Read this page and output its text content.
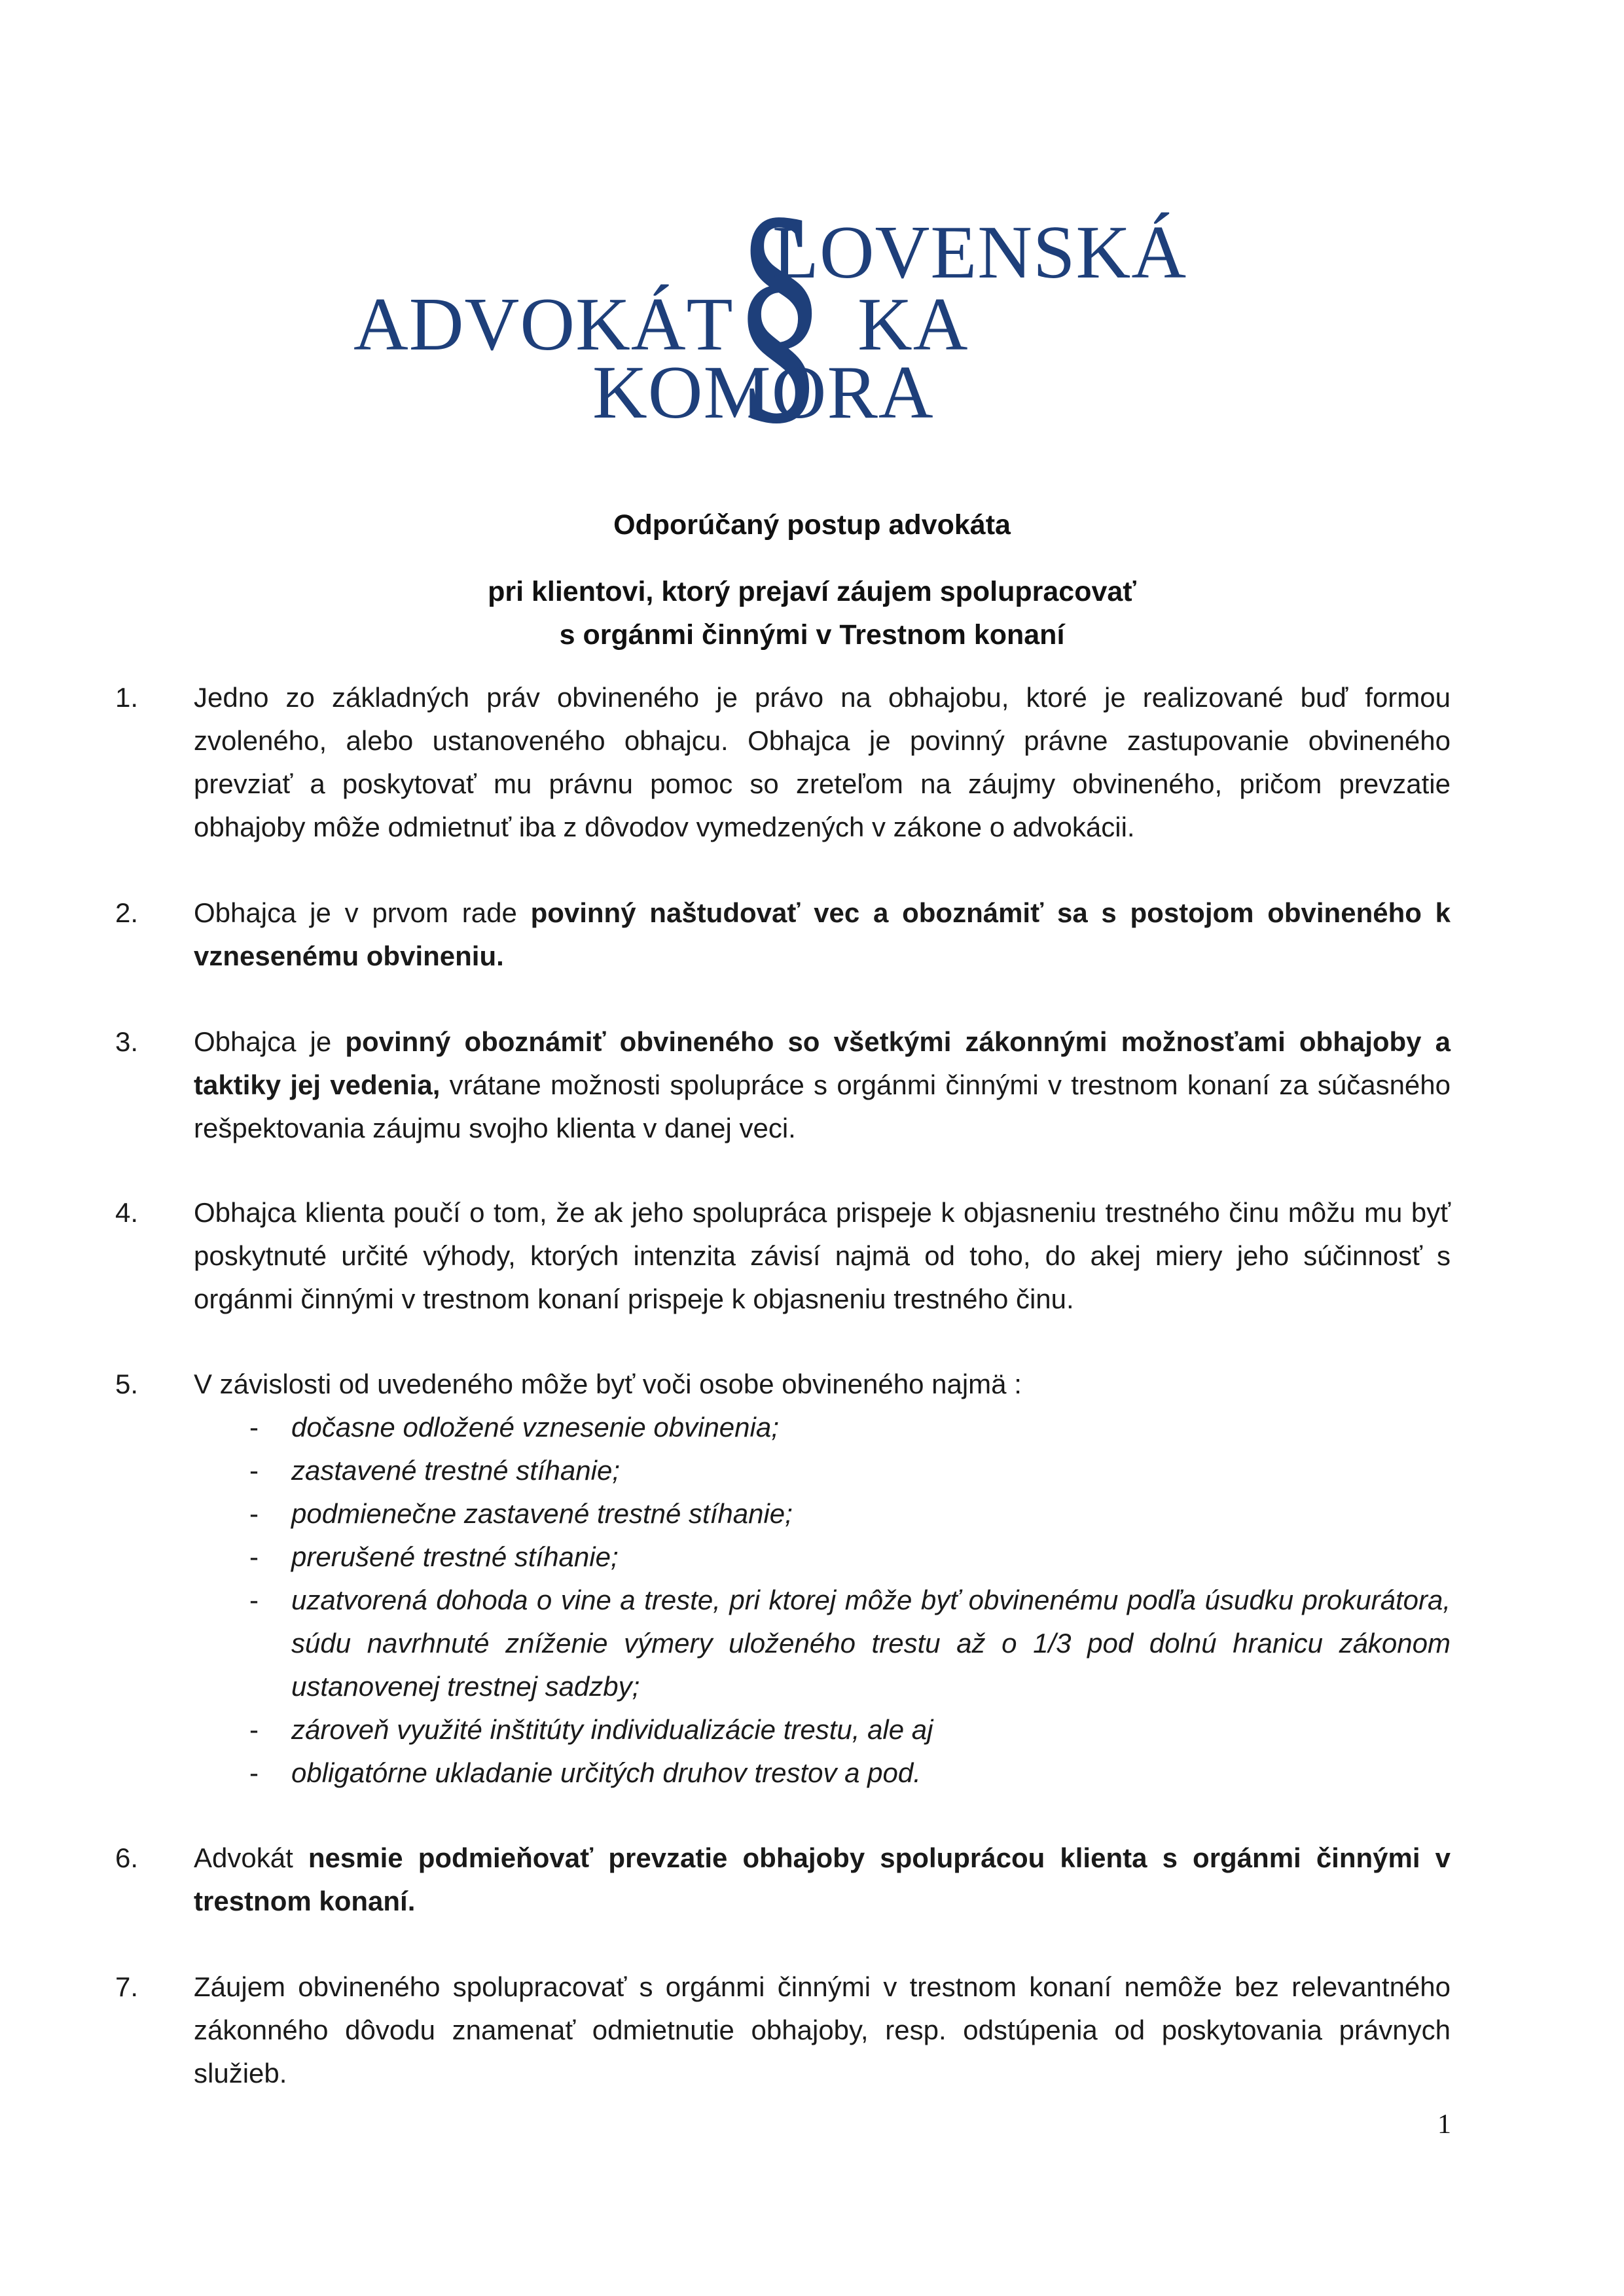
§
LOVENSKÁ
ADVOKÁT KA
KOMORA
Odporúčaný postup advokáta
pri klientovi, ktorý prejaví záujem spolupracovať
s orgánmi činnými v Trestnom konaní
1.	Jedno zo základných práv obvineného je právo na obhajobu, ktoré je realizované buď formou zvoleného, alebo ustanoveného obhajcu. Obhajca je povinný právne zastupovanie obvineného prevziať a poskytovať mu právnu pomoc so zreteľom na záujmy obvineného, pričom prevzatie obhajoby môže odmietnuť iba z dôvodov vymedzených v zákone o advokácii.
2.	Obhajca je v prvom rade povinný naštudovať vec a oboznámiť sa s postojom obvineného k vznesenému obvineniu.
3.	Obhajca je povinný oboznámiť obvineného so všetkými zákonnými možnosťami obhajoby a taktiky jej vedenia, vrátane možnosti spolupráce s orgánmi činnými v trestnom konaní za súčasného rešpektovania záujmu svojho klienta v danej veci.
4.	Obhajca klienta poučí o tom, že ak jeho spolupráca prispeje k objasneniu trestného činu môžu mu byť poskytnuté určité výhody, ktorých intenzita závisí najmä od toho, do akej miery jeho súčinnosť s orgánmi činnými v trestnom konaní prispeje k objasneniu trestného činu.
5.	V závislosti od uvedeného môže byť voči osobe obvineného najmä :
- dočasne odložené vznesenie obvinenia;
- zastavené trestné stíhanie;
- podmienečne zastavené trestné stíhanie;
- prerušené trestné stíhanie;
- uzatvorená dohoda o vine a treste, pri ktorej môže byť obvinenému podľa úsudku prokurátora, súdu navrhnuté zníženie výmery uloženého trestu až o 1/3 pod dolnú hranicu zákonom ustanovenej trestnej sadzby;
- zároveň využité inštitúty individualizácie trestu, ale aj
- obligatórne ukladanie určitých druhov trestov a pod.
6.	Advokát nesmie podmieňovať prevzatie obhajoby spoluprácou klienta s orgánmi činnými v trestnom konaní.
7.	Záujem obvineného spolupracovať s orgánmi činnými v trestnom konaní nemôže bez relevantného zákonného dôvodu znamenať odmietnutie obhajoby, resp. odstúpenia od poskytovania právnych služieb.
1
